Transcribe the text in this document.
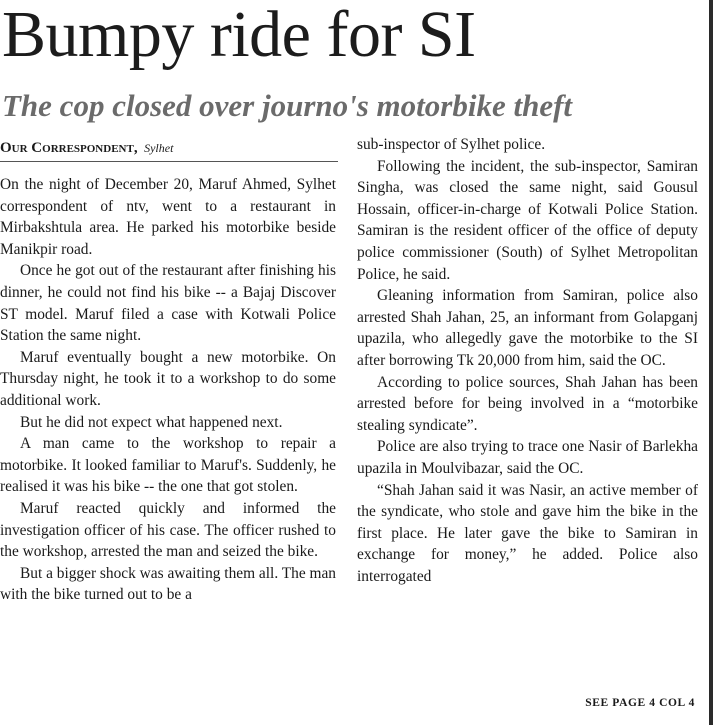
Bumpy ride for SI
The cop closed over journo's motorbike theft
Our Correspondent, Sylhet

On the night of December 20, Maruf Ahmed, Sylhet correspondent of ntv, went to a restaurant in Mirbakshtula area. He parked his motorbike beside Manikpir road.

Once he got out of the restaurant after finishing his dinner, he could not find his bike -- a Bajaj Discover ST model. Maruf filed a case with Kotwali Police Station the same night.

Maruf eventually bought a new motorbike. On Thursday night, he took it to a workshop to do some additional work.

But he did not expect what happened next.

A man came to the workshop to repair a motorbike. It looked familiar to Maruf's. Suddenly, he realised it was his bike -- the one that got stolen.

Maruf reacted quickly and informed the investigation officer of his case. The officer rushed to the workshop, arrested the man and seized the bike.

But a bigger shock was awaiting them all. The man with the bike turned out to be a

sub-inspector of Sylhet police.

Following the incident, the sub-inspector, Samiran Singha, was closed the same night, said Gousul Hossain, officer-in-charge of Kotwali Police Station. Samiran is the resident officer of the office of deputy police commissioner (South) of Sylhet Metropolitan Police, he said.

Gleaning information from Samiran, police also arrested Shah Jahan, 25, an informant from Golapganj upazila, who allegedly gave the motorbike to the SI after borrowing Tk 20,000 from him, said the OC.

According to police sources, Shah Jahan has been arrested before for being involved in a “motorbike stealing syndicate”.

Police are also trying to trace one Nasir of Barlekha upazila in Moulvibazar, said the OC.

“Shah Jahan said it was Nasir, an active member of the syndicate, who stole and gave him the bike in the first place. He later gave the bike to Samiran in exchange for money,” he added. Police also interrogated

SEE PAGE 4 COL 4
